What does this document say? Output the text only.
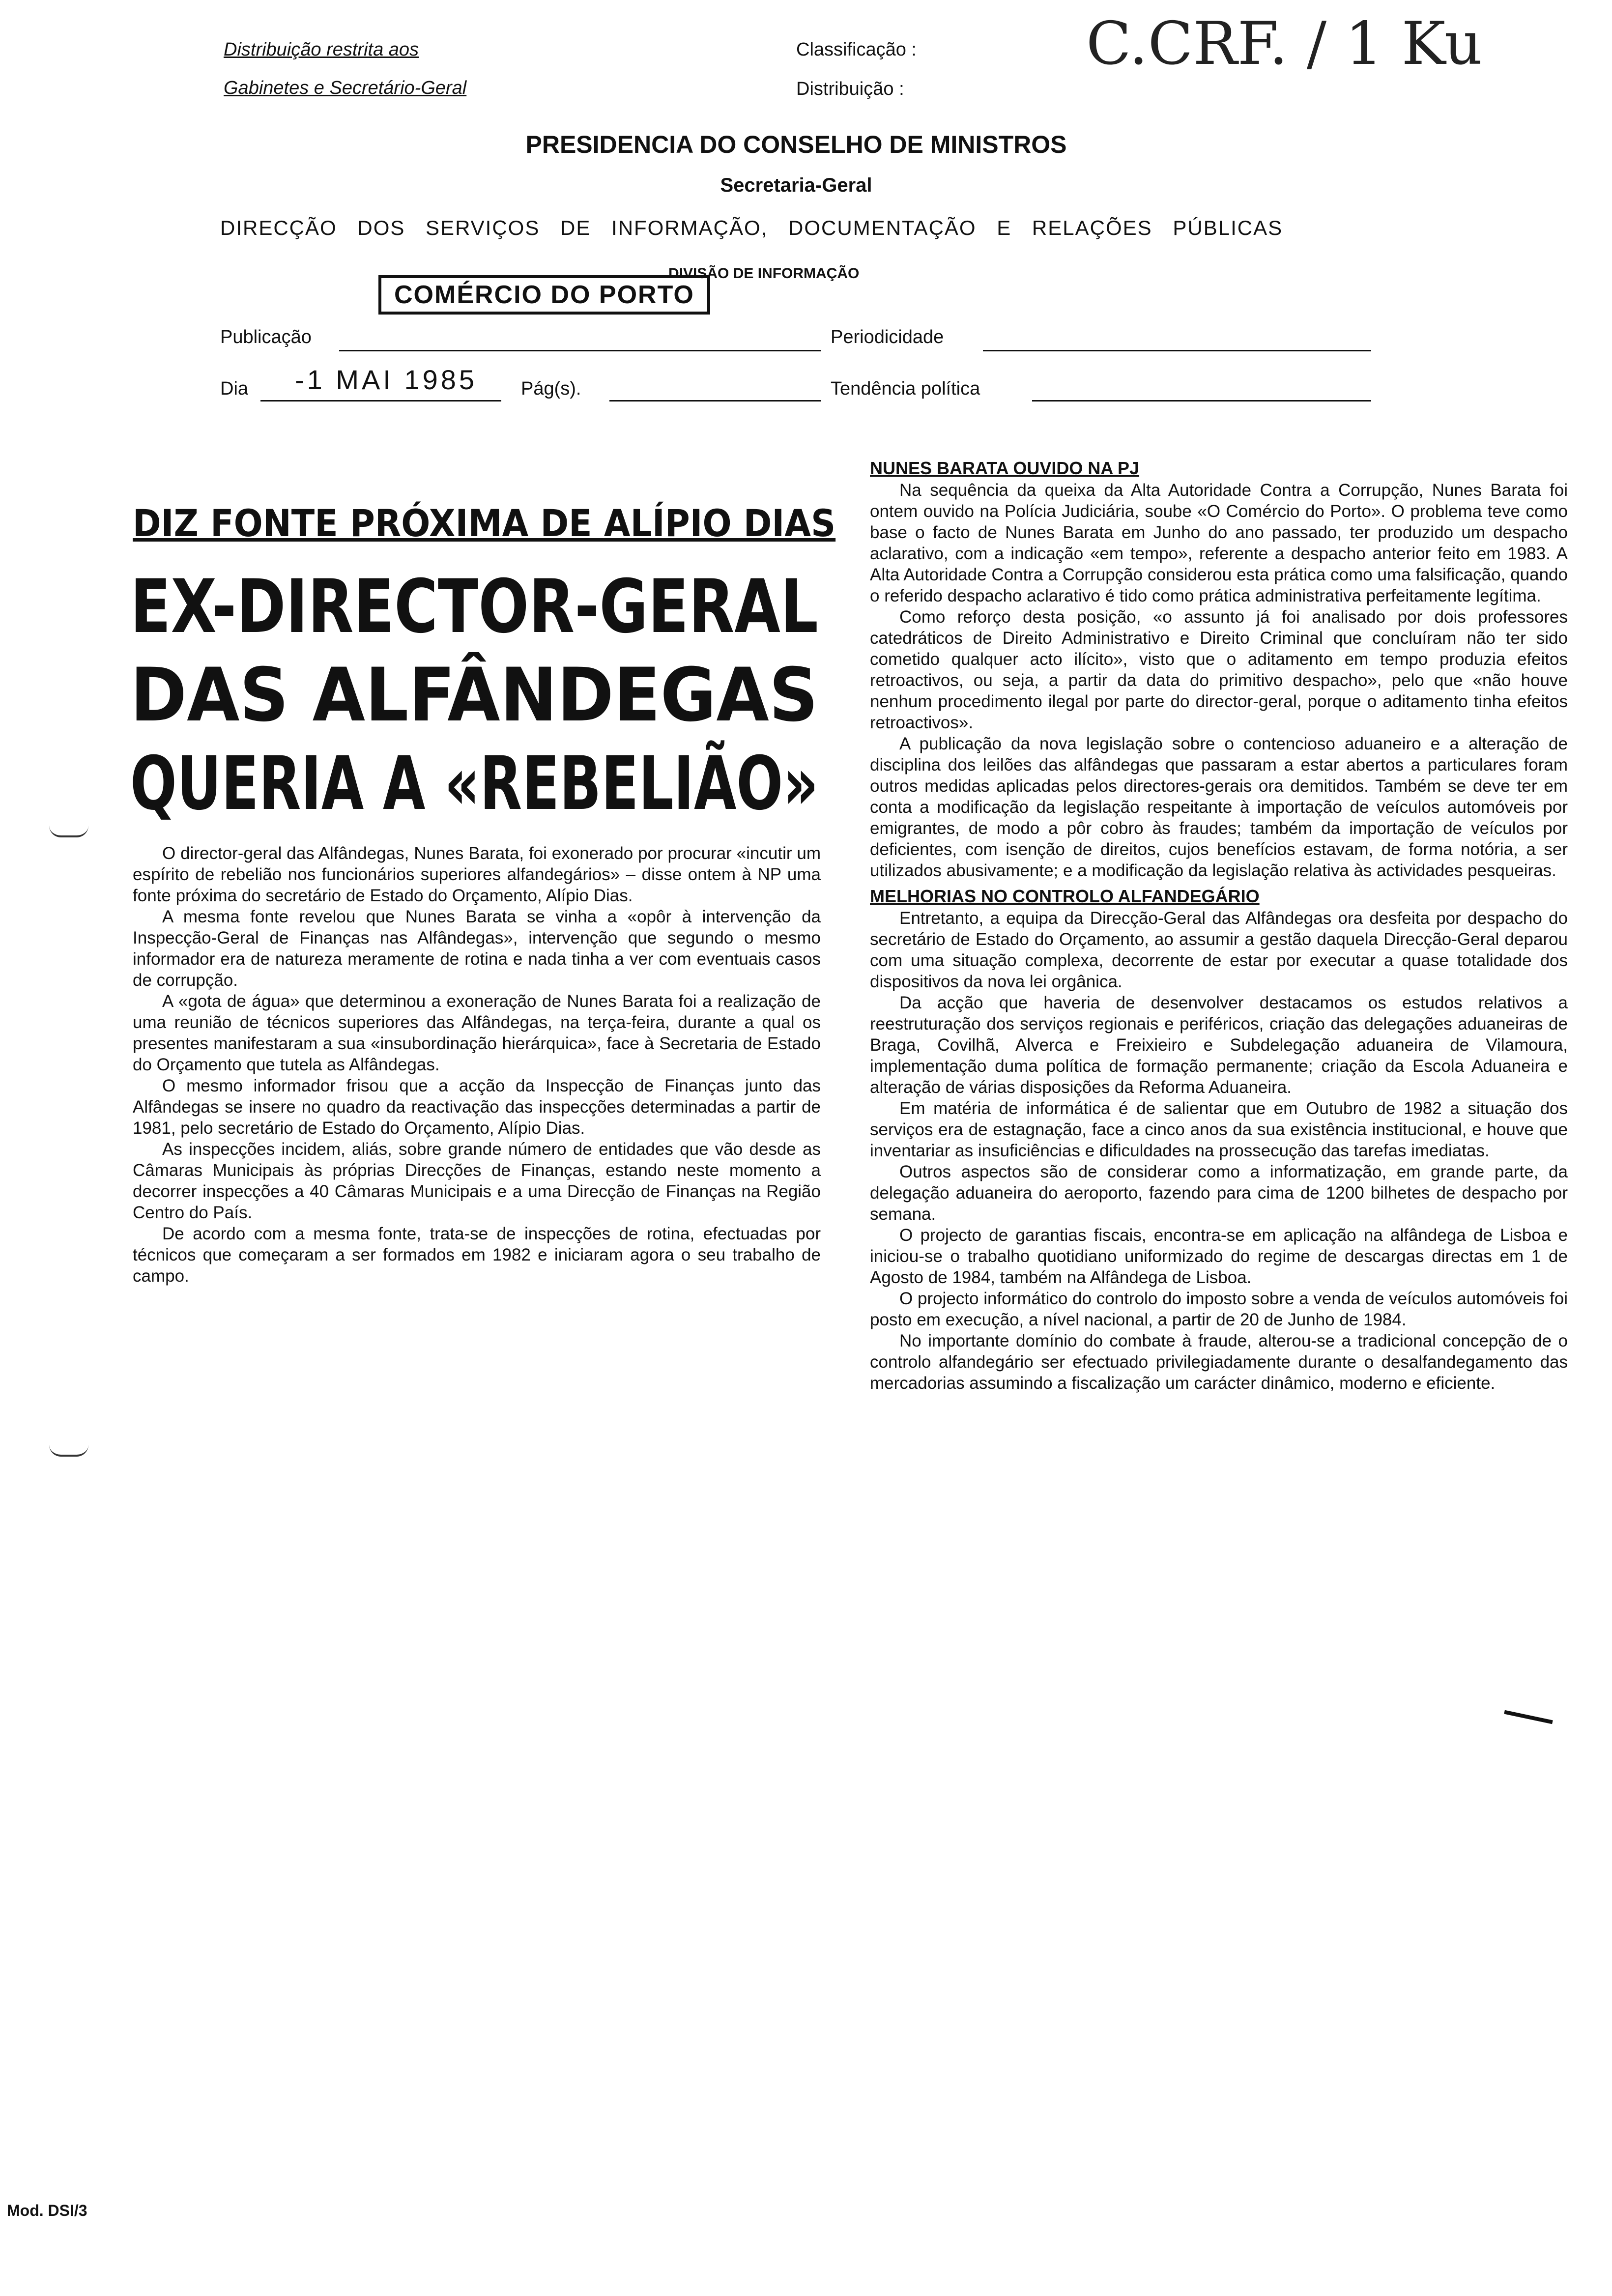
Distribuição restrita aos
Gabinetes e Secretário-Geral
Classificação :
Distribuição :
C.CRF. / 1 Ku
PRESIDENCIA DO CONSELHO DE MINISTROS
Secretaria-Geral
DIRECÇÃO DOS SERVIÇOS DE INFORMAÇÃO, DOCUMENTAÇÃO E RELAÇÕES PÚBLICAS
DIVISÃO DE INFORMAÇÃO
COMÉRCIO DO PORTO
Publicação	Periodicidade
Dia -1 MAI 1985 Pág(s).	Tendência política
DIZ FONTE PRÓXIMA DE ALÍPIO DIAS
EX-DIRECTOR-GERAL
DAS ALFÂNDEGAS
QUERIA A «REBELIÃO»

O director-geral das Alfândegas, Nunes Barata, foi exonerado por procurar «incutir um espírito de rebelião nos funcionários superiores alfandegários» – disse ontem à NP uma fonte próxima do secretário de Estado do Orçamento, Alípio Dias.

A mesma fonte revelou que Nunes Barata se vinha a «opôr à intervenção da Inspecção-Geral de Finanças nas Alfândegas», intervenção que segundo o mesmo informador era de natureza meramente de rotina e nada tinha a ver com eventuais casos de corrupção.

A «gota de água» que determinou a exoneração de Nunes Barata foi a realização de uma reunião de técnicos superiores das Alfândegas, na terça-feira, durante a qual os presentes manifestaram a sua «insubordinação hierárquica», face à Secretaria de Estado do Orçamento que tutela as Alfândegas.

O mesmo informador frisou que a acção da Inspecção de Finanças junto das Alfândegas se insere no quadro da reactivação das inspecções determinadas a partir de 1981, pelo secretário de Estado do Orçamento, Alípio Dias.

As inspecções incidem, aliás, sobre grande número de entidades que vão desde as Câmaras Municipais às próprias Direcções de Finanças, estando neste momento a decorrer inspecções a 40 Câmaras Municipais e a uma Direcção de Finanças na Região Centro do País.

De acordo com a mesma fonte, trata-se de inspecções de rotina, efectuadas por técnicos que começaram a ser formados em 1982 e iniciaram agora o seu trabalho de campo.

NUNES BARATA OUVIDO NA PJ

Na sequência da queixa da Alta Autoridade Contra a Corrupção, Nunes Barata foi ontem ouvido na Polícia Judiciária, soube «O Comércio do Porto». O problema teve como base o facto de Nunes Barata em Junho do ano passado, ter produzido um despacho aclarativo, com a indicação «em tempo», referente a despacho anterior feito em 1983. A Alta Autoridade Contra a Corrupção considerou esta prática como uma falsificação, quando o referido despacho aclarativo é tido como prática administrativa perfeitamente legítima.

Como reforço desta posição, «o assunto já foi analisado por dois professores catedráticos de Direito Administrativo e Direito Criminal que concluíram não ter sido cometido qualquer acto ilícito», visto que o aditamento em tempo produzia efeitos retroactivos, ou seja, a partir da data do primitivo despacho», pelo que «não houve nenhum procedimento ilegal por parte do director-geral, porque o aditamento tinha efeitos retroactivos».

A publicação da nova legislação sobre o contencioso aduaneiro e a alteração de disciplina dos leilões das alfândegas que passaram a estar abertos a particulares foram outros medidas aplicadas pelos directores-gerais ora demitidos. Também se deve ter em conta a modificação da legislação respeitante à importação de veículos automóveis por emigrantes, de modo a pôr cobro às fraudes; também da importação de veículos por deficientes, com isenção de direitos, cujos benefícios estavam, de forma notória, a ser utilizados abusivamente; e a modificação da legislação relativa às actividades pesqueiras.

MELHORIAS NO CONTROLO ALFANDEGÁRIO

Entretanto, a equipa da Direcção-Geral das Alfândegas ora desfeita por despacho do secretário de Estado do Orçamento, ao assumir a gestão daquela Direcção-Geral deparou com uma situação complexa, decorrente de estar por executar a quase totalidade dos dispositivos da nova lei orgânica.

Da acção que haveria de desenvolver destacamos os estudos relativos a reestruturação dos serviços regionais e periféricos, criação das delegações aduaneiras de Braga, Covilhã, Alverca e Freixieiro e Subdelegação aduaneira de Vilamoura, implementação duma política de formação permanente; criação da Escola Aduaneira e alteração de várias disposições da Reforma Aduaneira.

Em matéria de informática é de salientar que em Outubro de 1982 a situação dos serviços era de estagnação, face a cinco anos da sua existência institucional, e houve que inventariar as insuficiências e dificuldades na prossecução das tarefas imediatas.

Outros aspectos são de considerar como a informatização, em grande parte, da delegação aduaneira do aeroporto, fazendo para cima de 1200 bilhetes de despacho por semana.

O projecto de garantias fiscais, encontra-se em aplicação na alfândega de Lisboa e iniciou-se o trabalho quotidiano uniformizado do regime de descargas directas em 1 de Agosto de 1984, também na Alfândega de Lisboa.

O projecto informático do controlo do imposto sobre a venda de veículos automóveis foi posto em execução, a nível nacional, a partir de 20 de Junho de 1984.

No importante domínio do combate à fraude, alterou-se a tradicional concepção de o controlo alfandegário ser efectuado privilegiadamente durante o desalfandegamento das mercadorias assumindo a fiscalização um carácter dinâmico, moderno e eficiente.

Mod. DSI/3
